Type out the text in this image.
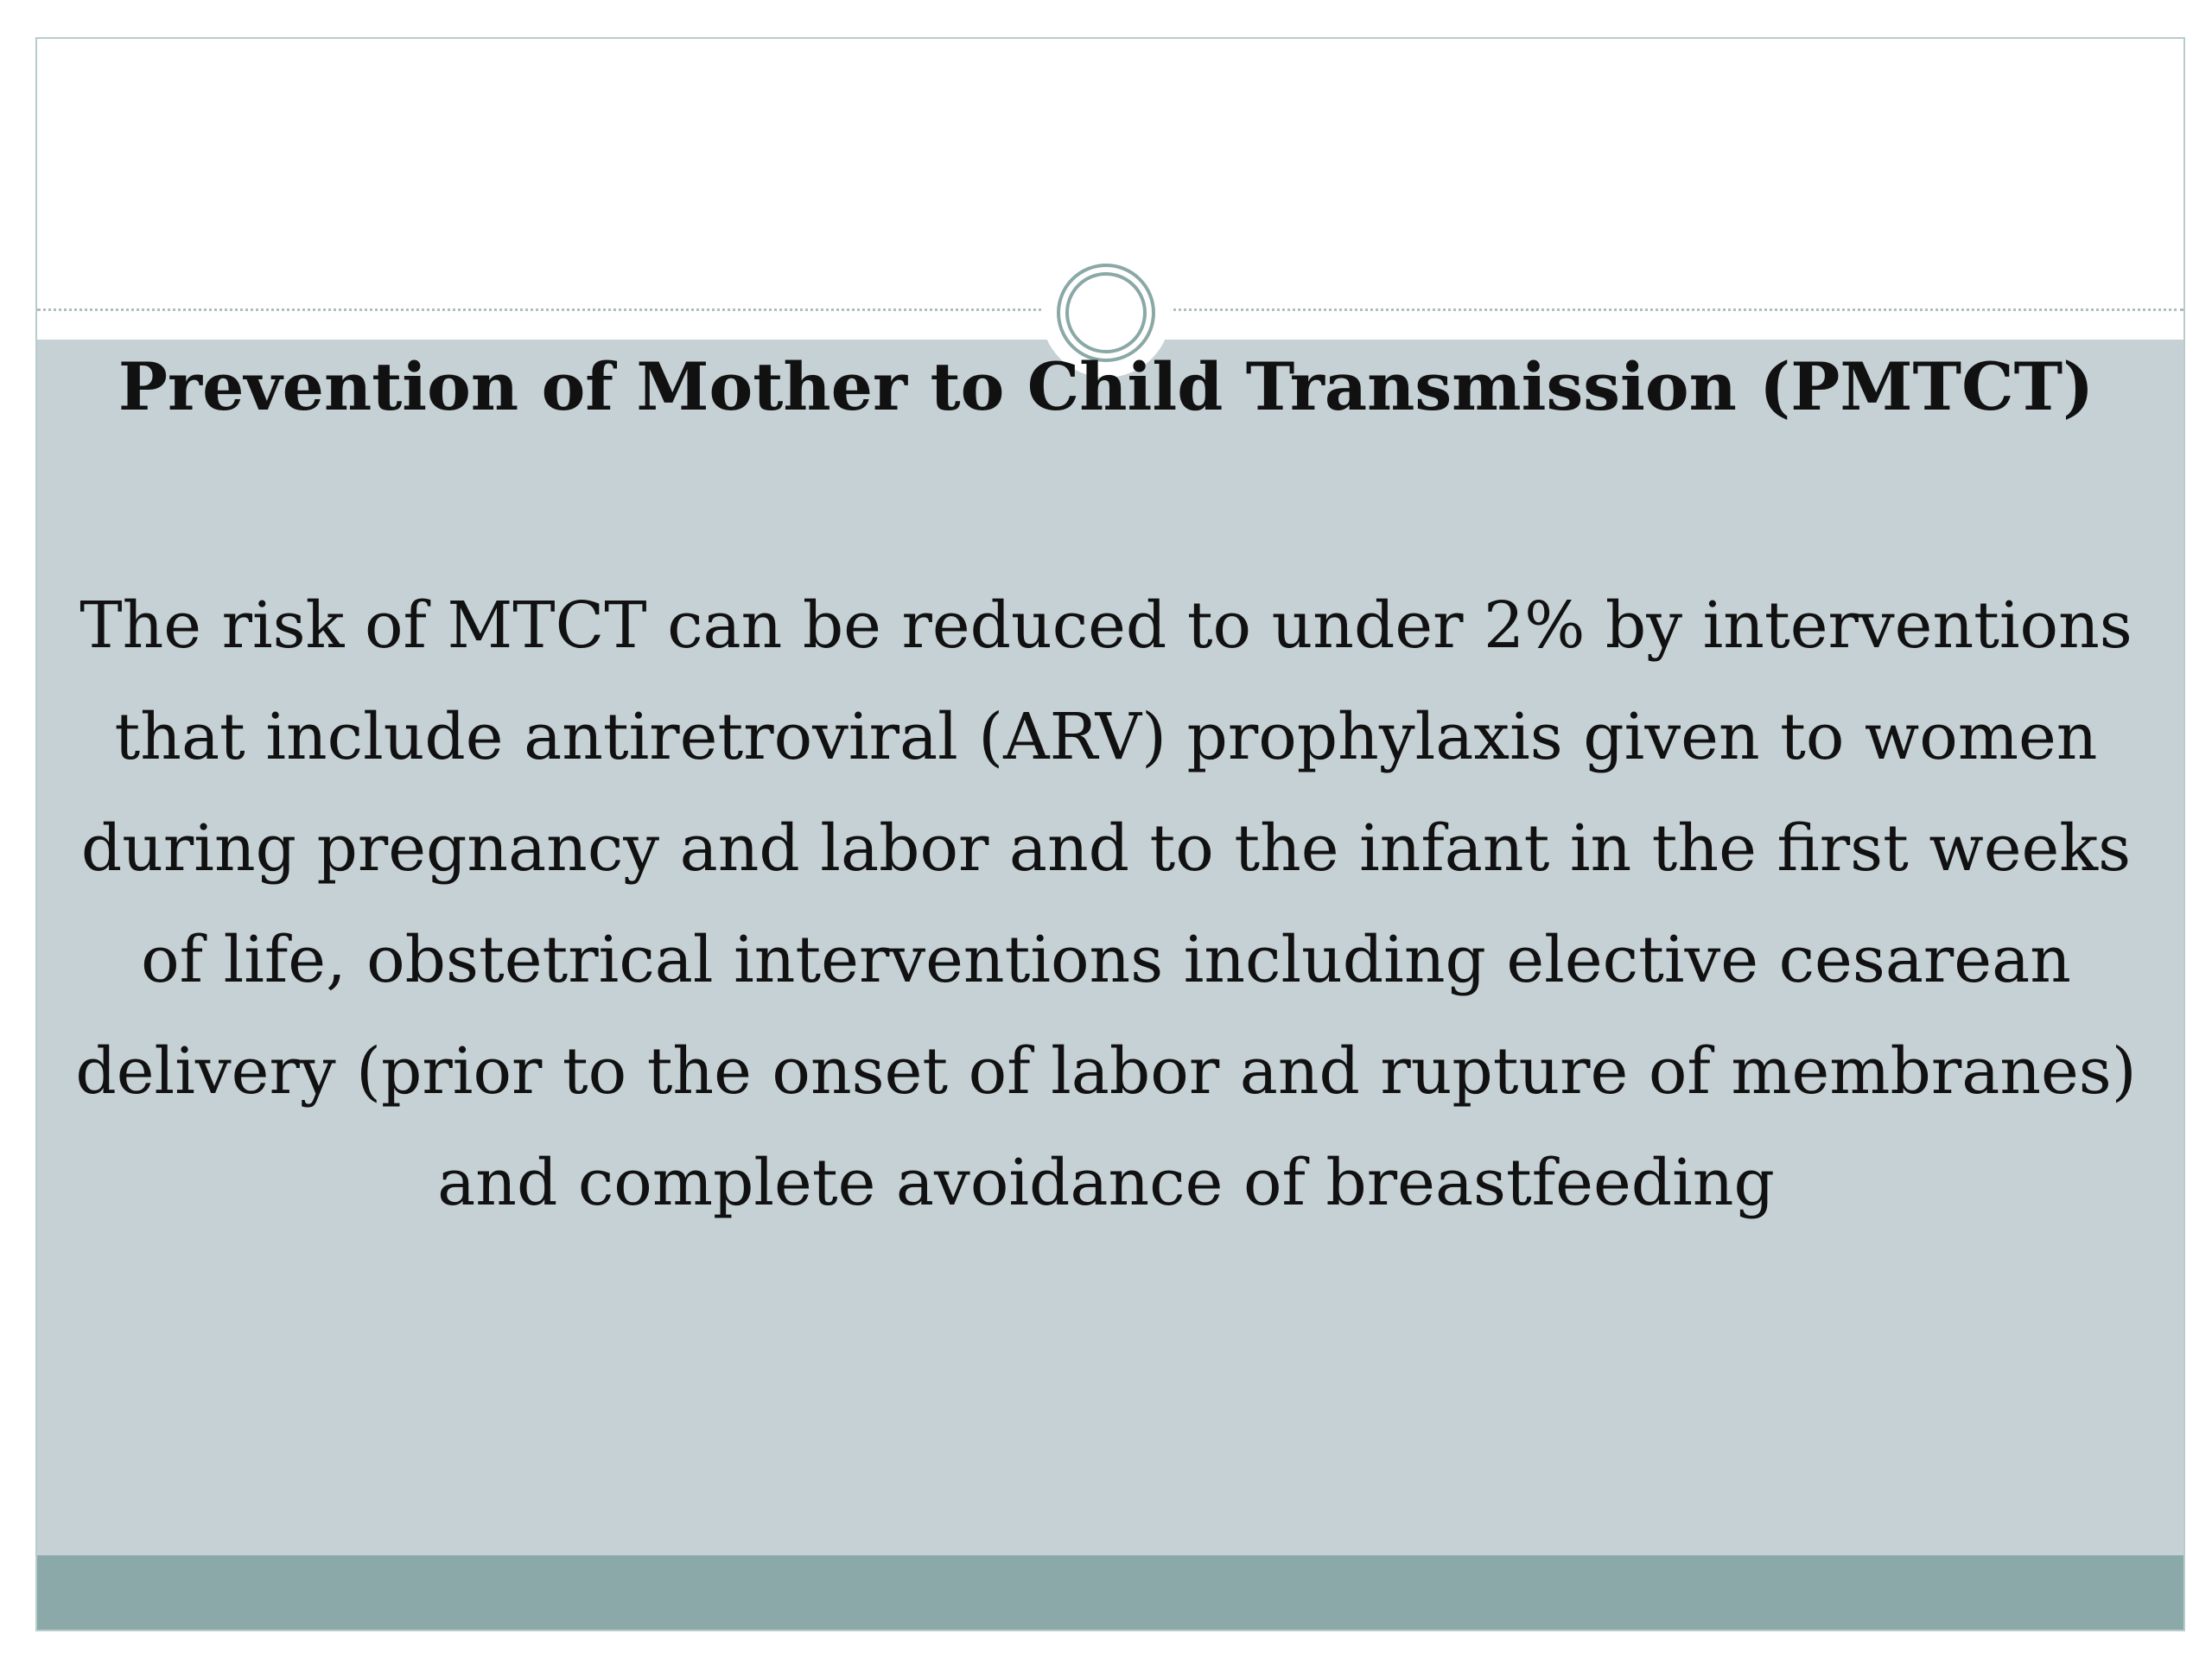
Prevention of Mother to Child Transmission (PMTCT)

The risk of MTCT can be reduced to under 2% by interventions that include antiretroviral (ARV) prophylaxis given to women during pregnancy and labor and to the infant in the first weeks of life, obstetrical interventions including elective cesarean delivery (prior to the onset of labor and rupture of membranes) and complete avoidance of breastfeeding
